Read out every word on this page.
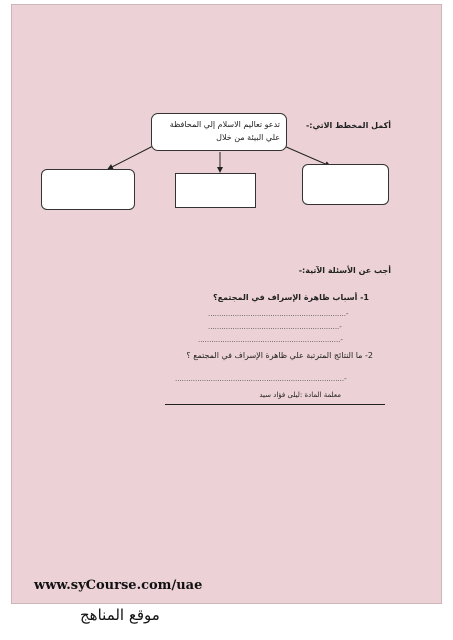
أكمل المخطط الاتي:-
تدعو تعاليم الاسلام إلي المحافظة علي البيئة من خلال
أجب عن الأسئلة الآتية:-
1- أسباب ظاهرة الإسراف في المجتمع؟
..............................................................-
...........................................................-
................................................................-
2- ما النتائج المترتبة علي ظاهرة الإسراف في المجتمع ؟
............................................................................-
معلمة المادة :ليلى فؤاد سيد
www.syCourse.com/uae
موقع المناهج
